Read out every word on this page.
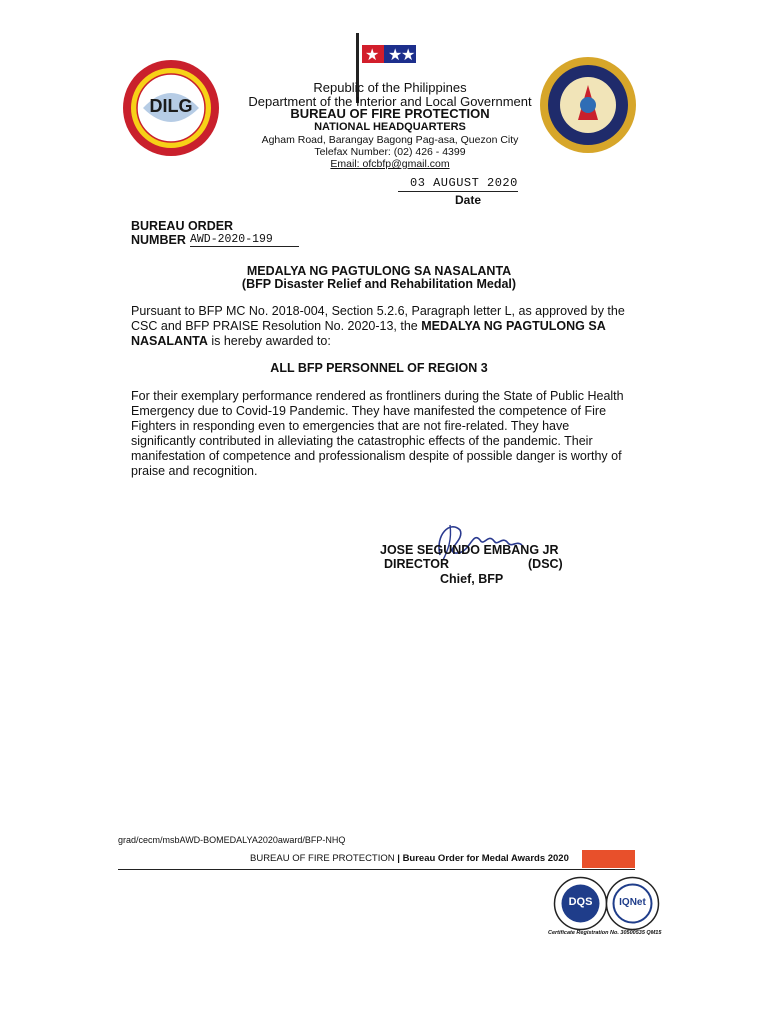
DILG
★ ★
★
Republic of the Philippines
Department of the Interior and Local Government
BUREAU OF FIRE PROTECTION
NATIONAL HEADQUARTERS
Agham Road, Barangay Bagong Pag-asa, Quezon City
Telefax Number: (02) 426 - 4399
Email: ofcbfp@gmail.com
03 AUGUST 2020
Date
BUREAU ORDER
NUMBER AWD-2020-199
MEDALYA NG PAGTULONG SA NASALANTA
(BFP Disaster Relief and Rehabilitation Medal)
Pursuant to BFP MC No. 2018-004, Section 5.2.6, Paragraph letter L, as approved by the
CSC and BFP PRAISE Resolution No. 2020-13, the MEDALYA NG PAGTULONG SA
NASALANTA is hereby awarded to:
ALL BFP PERSONNEL OF REGION 3
For their exemplary performance rendered as frontliners during the State of Public Health
Emergency due to Covid-19 Pandemic. They have manifested the competence of Fire
Fighters in responding even to emergencies that are not fire-related. They have
significantly contributed in alleviating the catastrophic effects of the pandemic. Their
manifestation of competence and professionalism despite of possible danger is worthy of
praise and recognition.
JOSE SEGUNDO EMBANG JR
DIRECTOR	(DSC)
Chief, BFP
grad/cecm/msbAWD-BOMEDALYA2020award/BFP-NHQ
BUREAU OF FIRE PROTECTION | Bureau Order for Medal Awards 2020
DQS	IQNet
Certificate Registration No. 30500535 QM15
